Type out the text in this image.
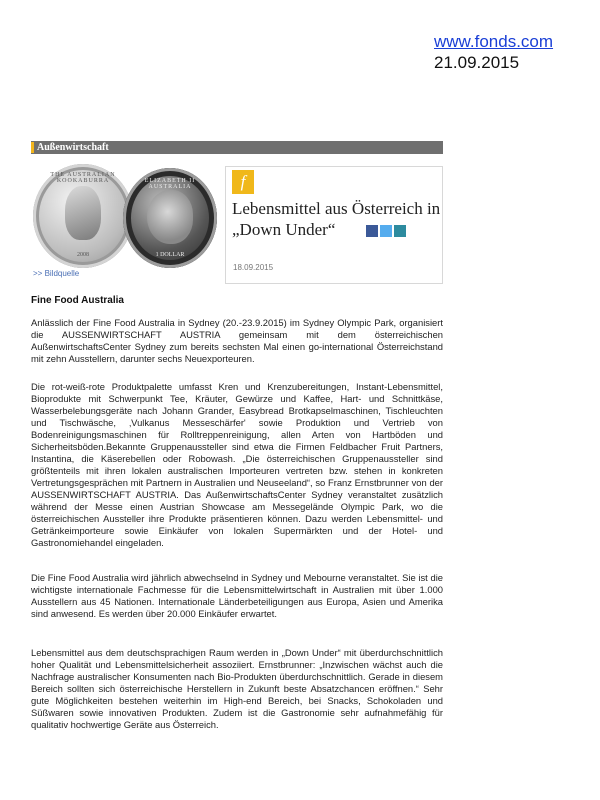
www.fonds.com
21.09.2015
Außenwirtschaft
THE AUSTRALIAN KOOKABURRA
2008
ELIZABETH II AUSTRALIA
1 DOLLAR
>> Bildquelle
f
Lebensmittel aus Österreich in „Down Under“
18.09.2015
Fine Food Australia

Anlässlich der Fine Food Australia in Sydney (20.-23.9.2015) im Sydney Olympic Park, organisiert die AUSSENWIRTSCHAFT AUSTRIA gemeinsam mit dem österreichischen AußenwirtschaftsCenter Sydney zum bereits sechsten Mal einen go-international Österreichstand mit zehn Ausstellern, darunter sechs Neuexporteuren.

Die rot-weiß-rote Produktpalette umfasst Kren und Krenzubereitungen, Instant-Lebensmittel, Bioprodukte mit Schwerpunkt Tee, Kräuter, Gewürze und Kaffee, Hart- und Schnittkäse, Wasserbelebungsgeräte nach Johann Grander, Easybread Brotkapselmaschinen, Tischleuchten und Tischwäsche, ‚Vulkanus Messeschärfer' sowie Produktion und Vertrieb von Bodenreinigungsmaschinen für Rolltreppenreinigung, allen Arten von Hartböden und Sicherheitsböden.Bekannte Gruppenaussteller sind etwa die Firmen Feldbacher Fruit Partners, Instantina, die Käserebellen oder Robowash. „Die österreichischen Gruppenaussteller sind größtenteils mit ihren lokalen australischen Importeuren vertreten bzw. stehen in konkreten Vertretungsgesprächen mit Partnern in Australien und Neuseeland“, so Franz Ernstbrunner von der AUSSENWIRTSCHAFT AUSTRIA. Das AußenwirtschaftsCenter Sydney veranstaltet zusätzlich während der Messe einen Austrian Showcase am Messegelände Olympic Park, wo die österreichischen Aussteller ihre Produkte präsentieren können. Dazu werden Lebensmittel- und Getränkeimporteure sowie Einkäufer von lokalen Supermärkten und der Hotel- und Gastronomiehandel eingeladen.

Die Fine Food Australia wird jährlich abwechselnd in Sydney und Mebourne veranstaltet. Sie ist die wichtigste internationale Fachmesse für die Lebensmittelwirtschaft in Australien mit über 1.000 Ausstellern aus 45 Nationen. Internationale Länderbeteiligungen aus Europa, Asien und Amerika sind anwesend. Es werden über 20.000 Einkäufer erwartet.

Lebensmittel aus dem deutschsprachigen Raum werden in „Down Under“ mit überdurchschnittlich hoher Qualität und Lebensmittelsicherheit assoziiert. Ernstbrunner: „Inzwischen wächst auch die Nachfrage australischer Konsumenten nach Bio-Produkten überdurchschnittlich. Gerade in diesem Bereich sollten sich österreichische Herstellern in Zukunft beste Absatzchancen eröffnen.“ Sehr gute Möglichkeiten bestehen weiterhin im High-end Bereich, bei Snacks, Schokoladen und Süßwaren sowie innovativen Produkten. Zudem ist die Gastronomie sehr aufnahmefähig für qualitativ hochwertige Geräte aus Österreich.
